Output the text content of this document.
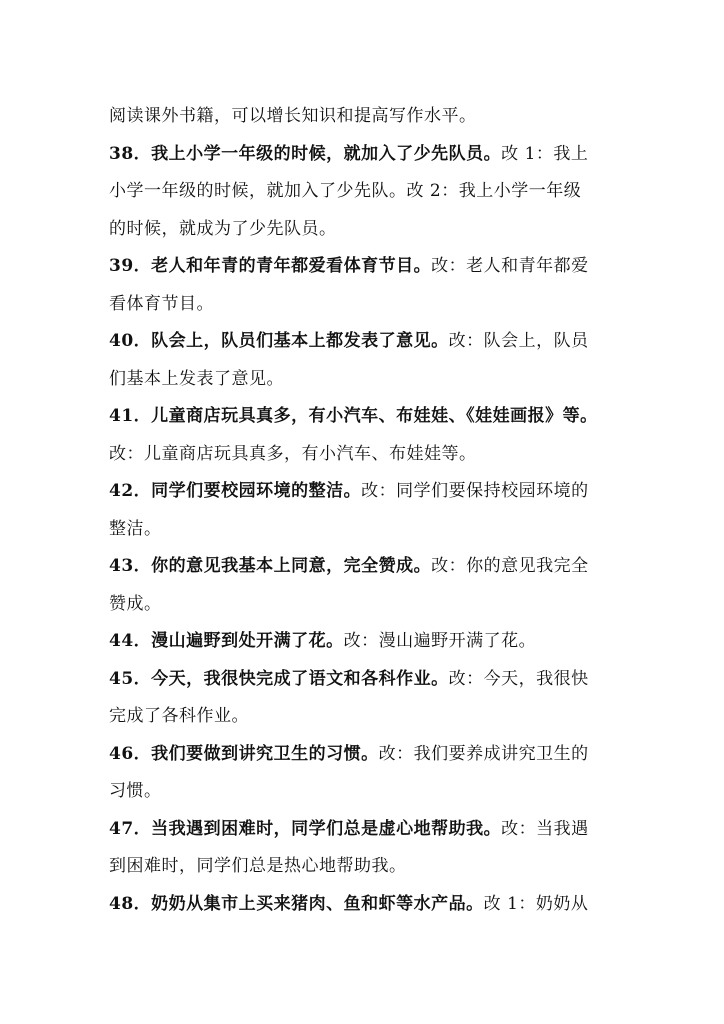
阅读课外书籍，可以增长知识和提高写作水平。
38．我上小学一年级的时候，就加入了少先队员。改 1：我上
小学一年级的时候，就加入了少先队。改 2：我上小学一年级
的时候，就成为了少先队员。
39．老人和年青的青年都爱看体育节目。改：老人和青年都爱
看体育节目。
40．队会上，队员们基本上都发表了意见。改：队会上，队员
们基本上发表了意见。
41．儿童商店玩具真多，有小汽车、布娃娃、《娃娃画报》等。
改：儿童商店玩具真多，有小汽车、布娃娃等。
42．同学们要校园环境的整洁。改：同学们要保持校园环境的
整洁。
43．你的意见我基本上同意，完全赞成。改：你的意见我完全
赞成。
44．漫山遍野到处开满了花。改：漫山遍野开满了花。
45．今天，我很快完成了语文和各科作业。改：今天，我很快
完成了各科作业。
46．我们要做到讲究卫生的习惯。改：我们要养成讲究卫生的
习惯。
47．当我遇到困难时，同学们总是虚心地帮助我。改：当我遇
到困难时，同学们总是热心地帮助我。
48．奶奶从集市上买来猪肉、鱼和虾等水产品。改 1：奶奶从
